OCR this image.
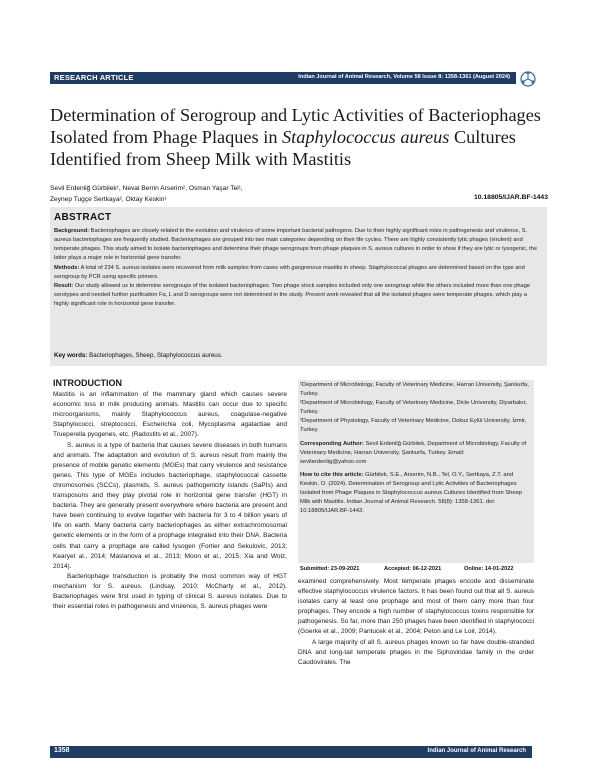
RESEARCH ARTICLE	Indian Journal of Animal Research, Volume 58 Issue 8: 1358-1361 (August 2024)
Determination of Serogroup and Lytic Activities of Bacteriophages
Isolated from Phage Plaques in Staphylococcus aureus Cultures
Identified from Sheep Milk with Mastitis
Sevil Erdenliğ Gürbilek¹, Neval Berrin Arserim², Osman Yaşar Tel¹,
Zeynep Tugçe Sertkaya², Oktay Keskin¹	10.18805/IJAR.BF-1443
ABSTRACT

Background: Bacteriophages are closely related to the evolution and virulence of some important bacterial pathogens. Due to their highly significant roles in pathogenesis and virulence, S. aureus bacteriophages are frequently studied. Bacteriophages are grouped into two main categories depending on their life cycles. There are highly consistently lytic phages (virulent) and temperate phages. This study aimed to isolate bacteriophages and determine their phage serogroups from phage plaques in S. aureus cultures in order to show if they are lytic or lysogenic, the latter plays a major role in horizontal gene transfer.

Methods: A total of 234 S. aureus isolates were recovered from milk samples from cases with gangrenous mastitis in sheep. Staphylococcal phages are determined based on the type and serogroup by PCR using specific primers.

Result: Our study allowed us to determine serogroups of the isolated bacteriophages. Two phage stock samples included only one serogroup while the others included more than one phage serotypes and needed further purification Fa, L and D serogroups were not determined in the study. Present work revealed that all the isolated phages were temperate phages, which play a highly significant role in horizontal gene transfer.

Key words: Bacteriophages, Sheep, Staphylococcus aureus.
INTRODUCTION

Mastitis is an inflammation of the mammary gland which causes severe economic loss in milk producing animals. Mastitis can occur due to specific microorganisms, mainly Staphylococcus aureus, coagulase-negative Staphylococci, streptococci, Escherichia coli, Mycoplasma agalactiae and Trueperella pyogenes, etc. (Radostits et al., 2007).

S. aureus is a type of bacteria that causes severe diseases in both humans and animals. The adaptation and evolution of S. aureus result from mainly the presence of mobile genetic elements (MGEs) that carry virulence and resistance genes. This type of MGEs includes bacteriophage, staphylococcal cassette chromosomes (SCCs), plasmids, S. aureus pathogenicity islands (SaPIs) and transposons and they play pivotal role in horizontal gene transfer (HGT) in bacteria. They are generally present everywhere where bacteria are present and have been continuing to evolve together with bacteria for 3 to 4 billion years of life on earth. Many bacteria carry bacteriophages as either extrachromosomal genetic elements or in the form of a prophage integrated into their DNA. Bacteria cells that carry a prophage are called lysogen (Fortier and Sekulovic, 2013; Kearyet al., 2014; Maslanova et al., 2013; Moon et al., 2015; Xia and Wolz, 2014).

Bacteriophage transduction is probably the most common way of HGT mechanism for S. aureus. (Lindsay, 2010; McCharty et al., 2012). Bacteriophages were first used in typing of clinical S. aureus isolates. Due to their essential roles in pathogenesis and virulence, S. aureus phages were

¹Department of Microbiology, Faculty of Veterinary Medicine, Harran University, Şanlıurfa, Turkey.

²Department of Microbiology, Faculty of Veterinary Medicine, Dicle University, Diyarbakır, Turkey.

³Department of Physiology, Faculty of Veterinary Medicine, Dokuz Eylül University, İzmir, Turkey.

Corresponding Author: Sevil Erdenliğ Gürbilek, Department of Microbiology, Faculty of Veterinary Medicine, Harran University, Şanlıurfa, Turkey. Email: sevilerdenlig@yahoo.com

How to cite this article: Gürbilek, S.E., Arserim, N.B., Tel, O.Y., Sertkaya, Z.T. and Keskin, O. (2024). Determination of Serogroup and Lytic Activities of Bacteriophages Isolated from Phage Plaques in Staphylococcus aureus Cultures Identified from Sheep Milk with Mastitis. Indian Journal of Animal Research. 58(8): 1358-1361. doi: 10.18805/IJAR.BF-1443.

Submitted: 23-09-2021	Accepted: 06-12-2021	Online: 14-01-2022

examined comprehensively. Most temperate phages encode and disseminate effective staphylococcus virulence factors. It has been found out that all S. aureus isolates carry at least one prophage and most of them carry more than four prophages. They encode a high number of staphylococcus toxins responsible for pathogenesis. So far, more than 250 phages have been identified in staphylococci (Goerke et al., 2009; Pantucek et al., 2004; Peton and Le Loir, 2014).

A large majority of all S. aureus phages known so far have double-stranded DNA and long-tail temperate phages in the Siphoviridae family in the order Caudovirales. The

1358	Indian Journal of Animal Research
